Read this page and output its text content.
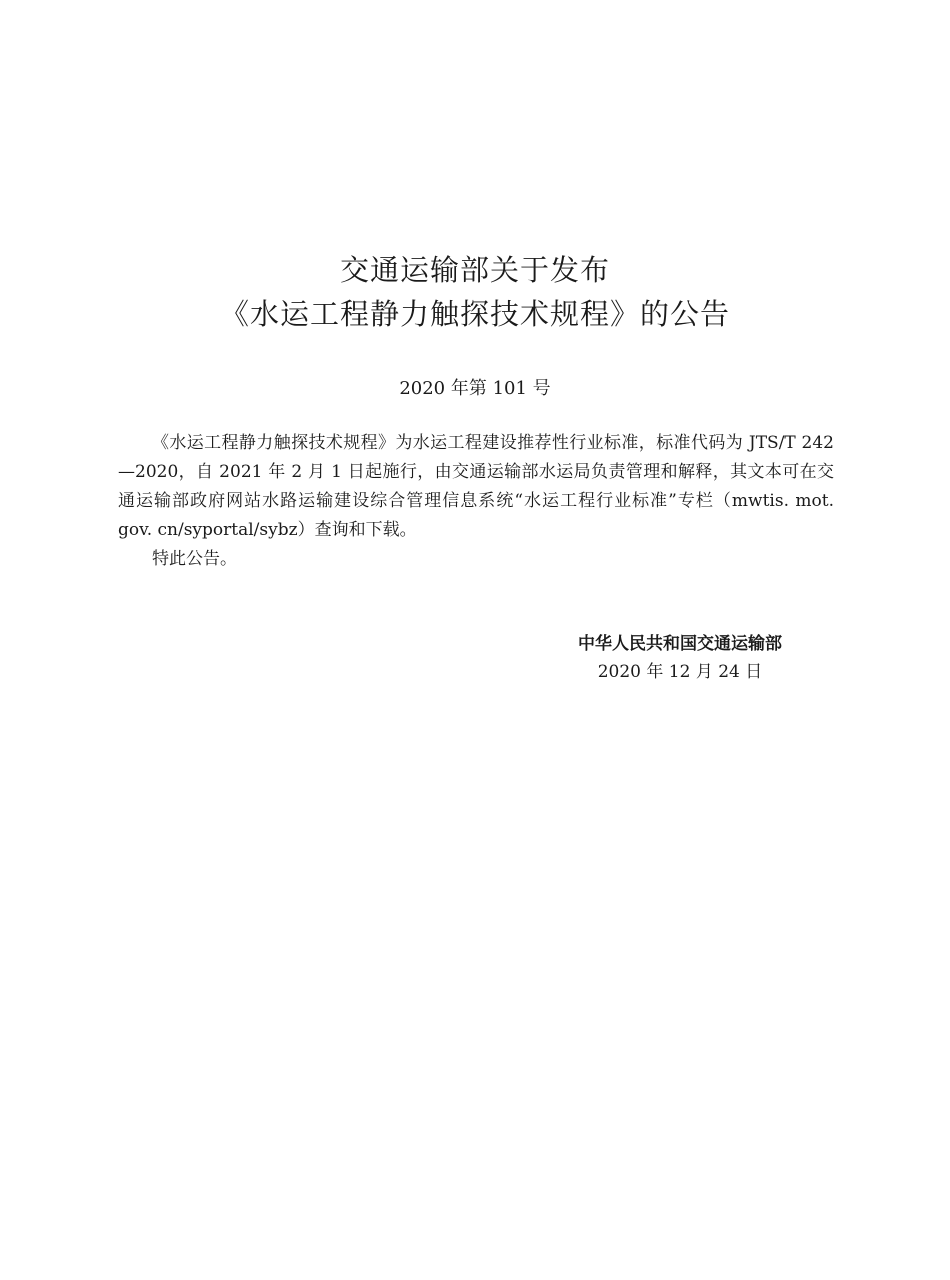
交通运输部关于发布
《水运工程静力触探技术规程》的公告
2020 年第 101 号

《水运工程静力触探技术规程》为水运工程建设推荐性行业标准，标准代码为 JTS/T 242—2020，自 2021 年 2 月 1 日起施行，由交通运输部水运局负责管理和解释，其文本可在交通运输部政府网站水路运输建设综合管理信息系统“水运工程行业标准”专栏（mwtis. mot. gov. cn/syportal/sybz）查询和下载。

特此公告。

中华人民共和国交通运输部
2020 年 12 月 24 日
